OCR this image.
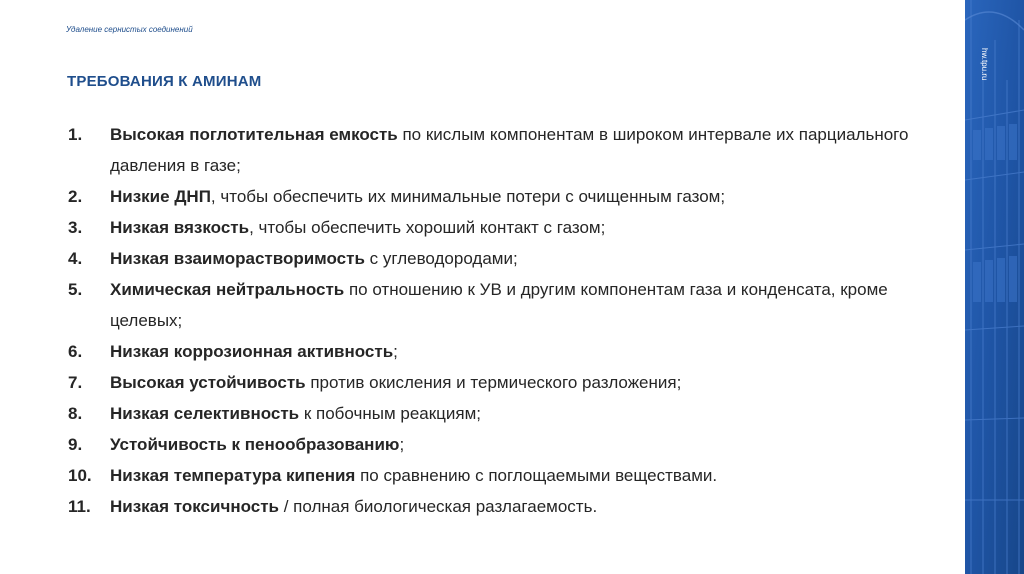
Удаление сернистых соединений
ТРЕБОВАНИЯ К АМИНАМ
1.	Высокая поглотительная емкость по кислым компонентам в широком интервале их парциального давления в газе;
2.	Низкие ДНП, чтобы обеспечить их минимальные потери с очищенным газом;
3.	Низкая вязкость, чтобы обеспечить хороший контакт с газом;
4.	Низкая взаиморастворимость с углеводородами;
5.	Химическая нейтральность по отношению к УВ и другим компонентам газа и конденсата, кроме целевых;
6.	Низкая коррозионная активность;
7.	Высокая устойчивость против окисления и термического разложения;
8.	Низкая селективность к побочным реакциям;
9.	Устойчивость к пенообразованию;
10.	Низкая температура кипения по сравнению с поглощаемыми веществами.
11.	Низкая токсичность / полная биологическая разлагаемость.
hw.tpu.ru
